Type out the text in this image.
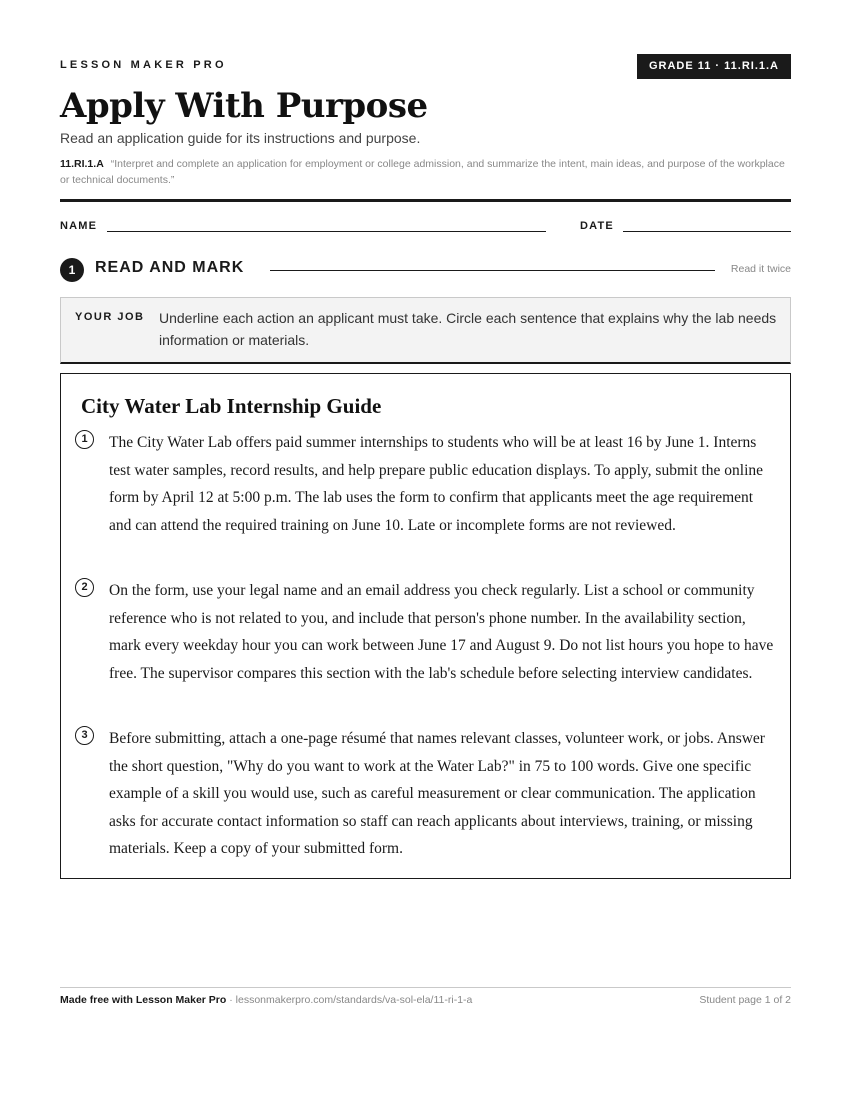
LESSON MAKER PRO	GRADE 11 · 11.RI.1.A
Apply With Purpose
Read an application guide for its instructions and purpose.
11.RI.1.A “Interpret and complete an application for employment or college admission, and summarize the intent, main ideas, and purpose of the workplace or technical documents.”
NAME	DATE
1	READ AND MARK	Read it twice
YOUR JOB Underline each action an applicant must take. Circle each sentence that explains why the lab needs information or materials.
City Water Lab Internship Guide
1	The City Water Lab offers paid summer internships to students who will be at least 16 by June 1. Interns test water samples, record results, and help prepare public education displays. To apply, submit the online form by April 12 at 5:00 p.m. The lab uses the form to confirm that applicants meet the age requirement and can attend the required training on June 10. Late or incomplete forms are not reviewed.
2	On the form, use your legal name and an email address you check regularly. List a school or community reference who is not related to you, and include that person's phone number. In the availability section, mark every weekday hour you can work between June 17 and August 9. Do not list hours you hope to have free. The supervisor compares this section with the lab's schedule before selecting interview candidates.
3	Before submitting, attach a one-page résumé that names relevant classes, volunteer work, or jobs. Answer the short question, "Why do you want to work at the Water Lab?" in 75 to 100 words. Give one specific example of a skill you would use, such as careful measurement or clear communication. The application asks for accurate contact information so staff can reach applicants about interviews, training, or missing materials. Keep a copy of your submitted form.
Made free with Lesson Maker Pro · lessonmakerpro.com/standards/va-sol-ela/11-ri-1-a	Student page 1 of 2
